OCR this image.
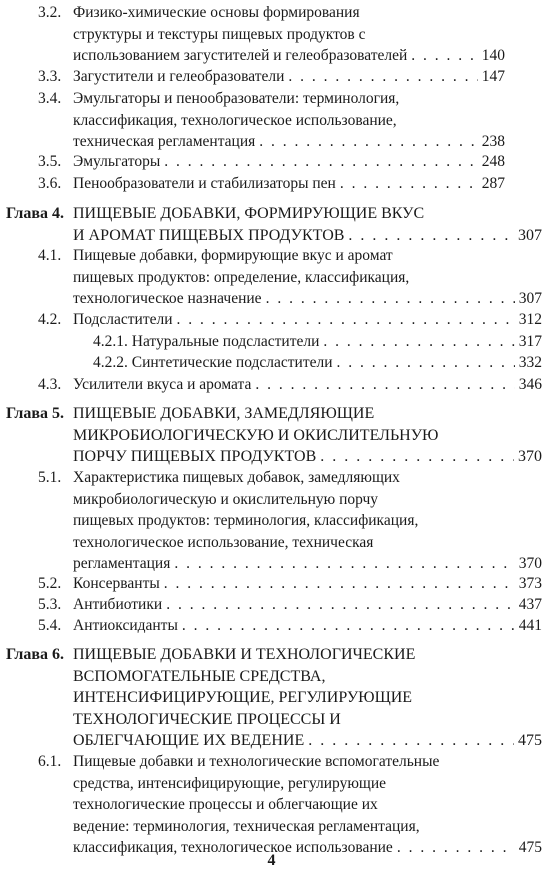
3.2. Физико-химические основы формирования
структуры и текстуры пищевых продуктов с
использованием загустителей и гелеобразователей . . .	140
3.3. Загустители и гелеобразователи . . .	147
3.4. Эмульгаторы и пенообразователи: терминология,
классификация, технологическое использование,
техническая регламентация . . .	238
3.5. Эмульгаторы . . .	248
3.6. Пенообразователи и стабилизаторы пен . . .	287
Глава 4. ПИЩЕВЫЕ ДОБАВКИ, ФОРМИРУЮЩИЕ ВКУС
И АРОМАТ ПИЩЕВЫХ ПРОДУКТОВ . . .	307
4.1. Пищевые добавки, формирующие вкус и аромат
пищевых продуктов: определение, классификация,
технологическое назначение . . .	307
4.2. Подсластители . . .	312
4.2.1. Натуральные подсластители . . .	317
4.2.2. Синтетические подсластители . . .	332
4.3. Усилители вкуса и аромата . . .	346
Глава 5. ПИЩЕВЫЕ ДОБАВКИ, ЗАМЕДЛЯЮЩИЕ
МИКРОБИОЛОГИЧЕСКУЮ И ОКИСЛИТЕЛЬНУЮ
ПОРЧУ ПИЩЕВЫХ ПРОДУКТОВ . . .	370
5.1. Характеристика пищевых добавок, замедляющих
микробиологическую и окислительную порчу
пищевых продуктов: терминология, классификация,
технологическое использование, техническая
регламентация . . .	370
5.2. Консерванты . . .	373
5.3. Антибиотики . . .	437
5.4. Антиоксиданты . . .	441
Глава 6. ПИЩЕВЫЕ ДОБАВКИ И ТЕХНОЛОГИЧЕСКИЕ
ВСПОМОГАТЕЛЬНЫЕ СРЕДСТВА,
ИНТЕНСИФИЦИРУЮЩИЕ, РЕГУЛИРУЮЩИЕ
ТЕХНОЛОГИЧЕСКИЕ ПРОЦЕССЫ И
ОБЛЕГЧАЮЩИЕ ИХ ВЕДЕНИЕ . . .	475
6.1. Пищевые добавки и технологические вспомогательные
средства, интенсифицирующие, регулирующие
технологические процессы и облегчающие их
ведение: терминология, техническая регламентация,
классификация, технологическое использование . . .	475
4
